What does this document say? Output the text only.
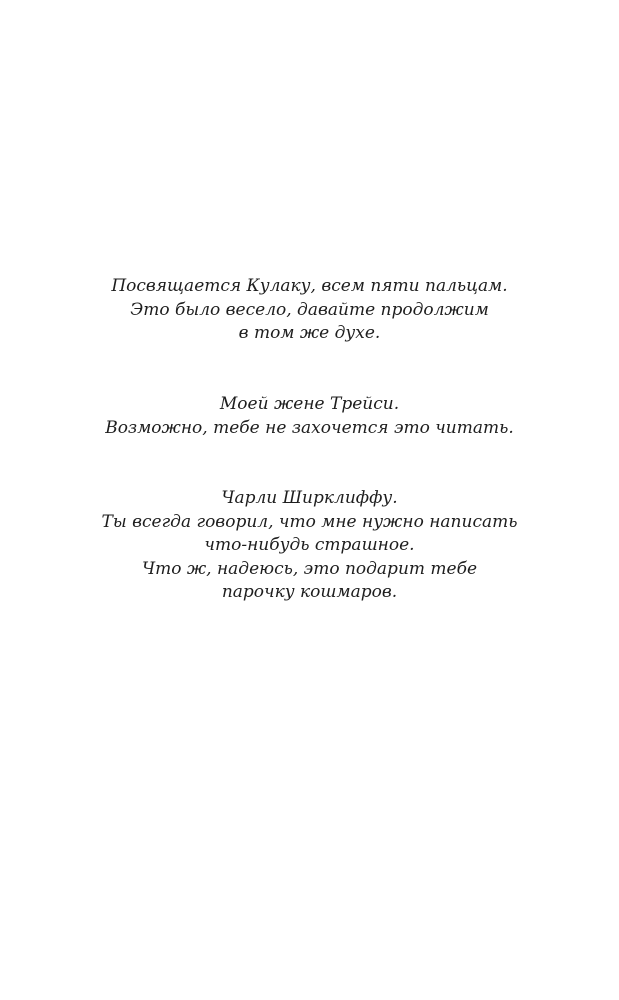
Посвящается Кулаку, всем пяти пальцам.
Это было весело, давайте продолжим
в том же духе.
Моей жене Трейси.
Возможно, тебе не захочется это читать.
Чарли Ширклиффу.
Ты всегда говорил, что мне нужно написать
что-нибудь страшное.
Что ж, надеюсь, это подарит тебе
парочку кошмаров.
